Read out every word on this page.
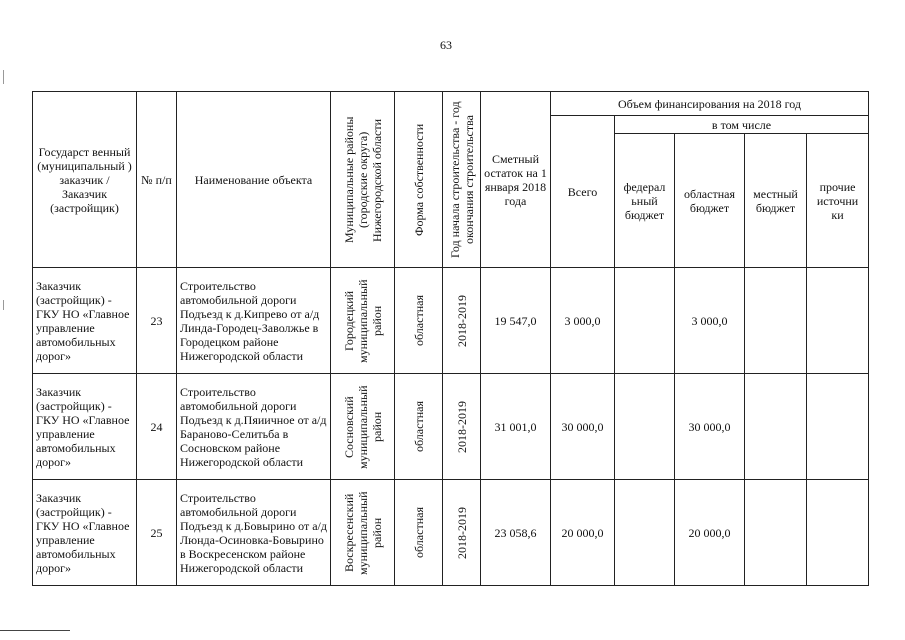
63
Государст венный (муниципальный ) заказчик / Заказчик (застройщик)	№ п/п	Наименование объекта	Муниципальные районы (городские округа) Нижегородской области	Форма собственности	Год начала строительства - год окончания строительства	Сметный остаток на 1 января 2018 года	Объем финансирования на 2018 год				
							Всего	в том числе			
								федерал ьный бюджет	областная бюджет	местный бюджет	прочие источни ки
Заказчик (застройщик) - ГКУ НО «Главное управление автомобильных дорог»	23	Строительство автомобильной дороги Подъезд к д.Кипрево от а/д Линда-Городец-Заволжье в Городецком районе Нижегородской области	Городецкий муниципальный район	областная	2018-2019	19 547,0	3 000,0		3 000,0		
Заказчик (застройщик) - ГКУ НО «Главное управление автомобильных дорог»	24	Строительство автомобильной дороги Подъезд к д.Пяиичное от а/д Бараново-Селитьба в Сосновском районе Нижегородской области	Сосновский муниципальный район	областная	2018-2019	31 001,0	30 000,0		30 000,0		
Заказчик (застройщик) - ГКУ НО «Главное управление автомобильных дорог»	25	Строительство автомобильной дороги Подъезд к д.Бовырино от а/д Люнда-Осиновка-Бовырино в Воскресенском районе Нижегородской области	Воскресенский муниципальный район	областная	2018-2019	23 058,6	20 000,0		20 000,0		
